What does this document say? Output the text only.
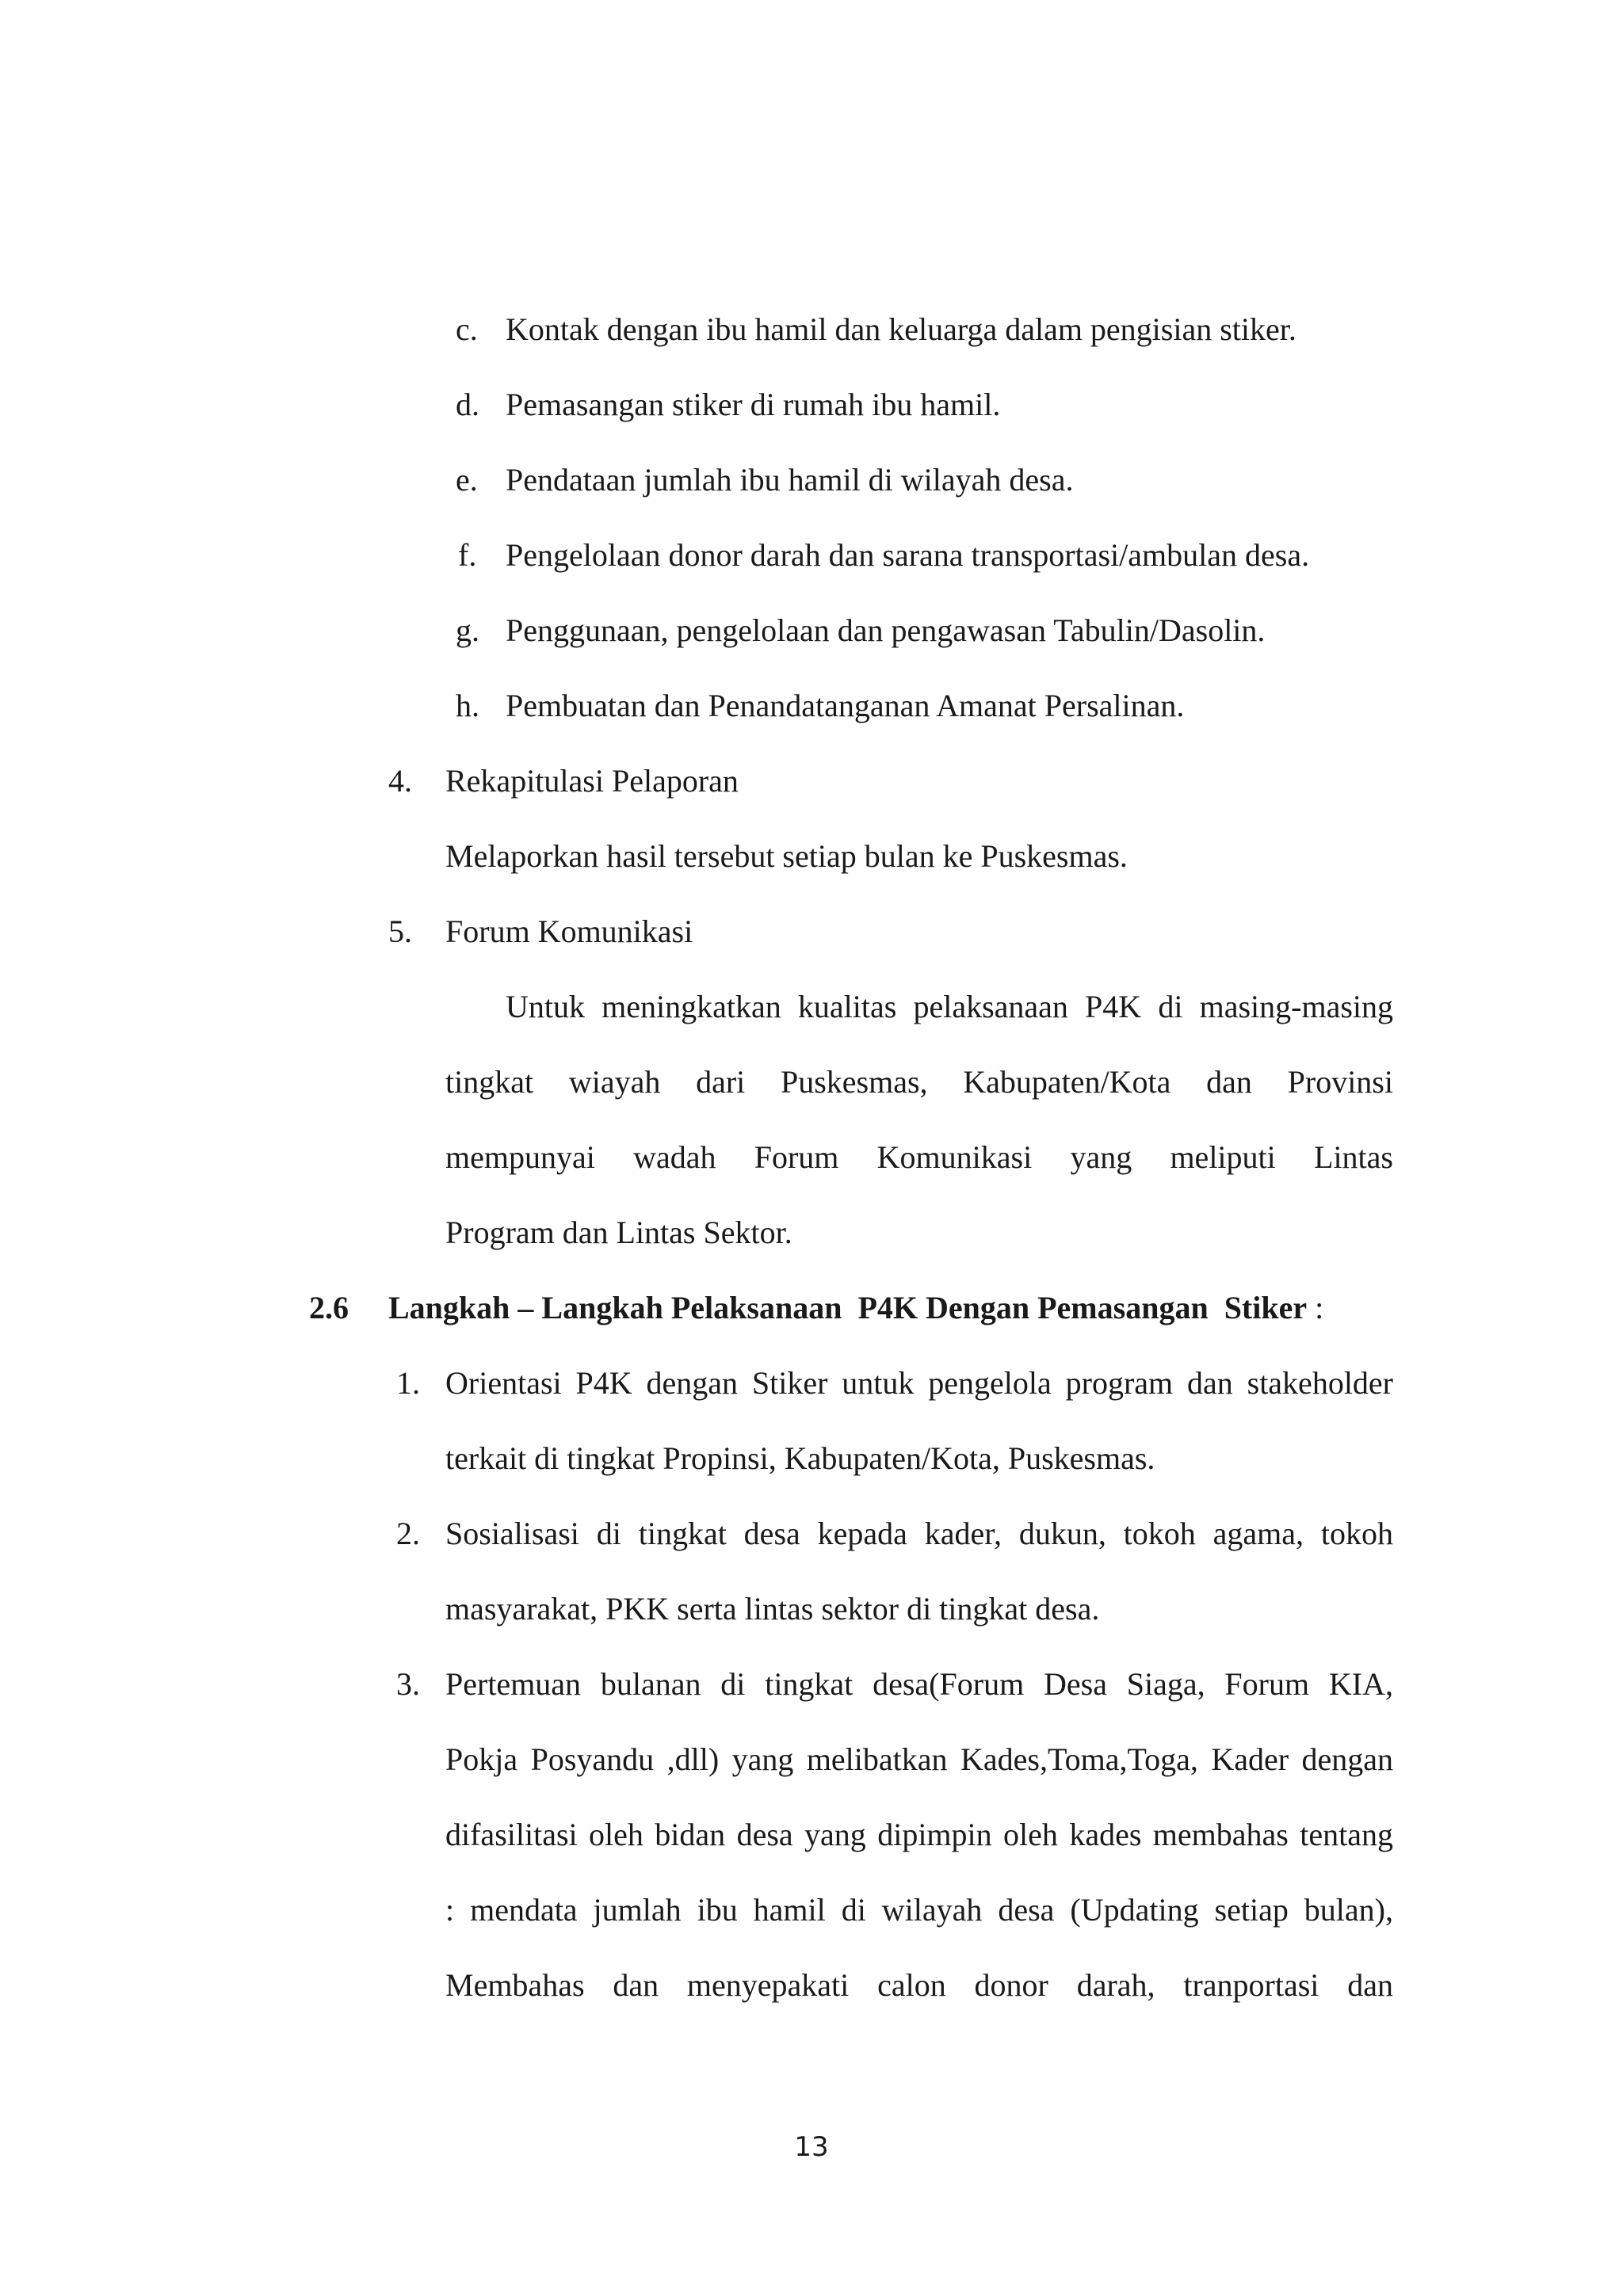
c. Kontak dengan ibu hamil dan keluarga dalam pengisian stiker.
d. Pemasangan stiker di rumah ibu hamil.
e. Pendataan jumlah ibu hamil di wilayah desa.
f. Pengelolaan donor darah dan sarana transportasi/ambulan desa.
g. Penggunaan, pengelolaan dan pengawasan Tabulin/Dasolin.
h. Pembuatan dan Penandatanganan Amanat Persalinan.
4. Rekapitulasi Pelaporan
Melaporkan hasil tersebut setiap bulan ke Puskesmas.
5. Forum Komunikasi
Untuk meningkatkan kualitas pelaksanaan P4K di masing-masing
tingkat wiayah dari Puskesmas, Kabupaten/Kota dan Provinsi
mempunyai wadah Forum Komunikasi yang meliputi Lintas
Program dan Lintas Sektor.
2.6 Langkah – Langkah Pelaksanaan  P4K Dengan Pemasangan  Stiker :
1. Orientasi P4K dengan Stiker untuk pengelola program dan stakeholder
terkait di tingkat Propinsi, Kabupaten/Kota, Puskesmas.
2. Sosialisasi di tingkat desa kepada kader, dukun, tokoh agama, tokoh
masyarakat, PKK serta lintas sektor di tingkat desa.
3. Pertemuan bulanan di tingkat desa(Forum Desa Siaga, Forum KIA,
Pokja Posyandu ,dll) yang melibatkan Kades,Toma,Toga, Kader dengan
difasilitasi oleh bidan desa yang dipimpin oleh kades membahas tentang
: mendata jumlah ibu hamil di wilayah desa (Updating setiap bulan),
Membahas dan menyepakati calon donor darah, tranportasi dan
13
